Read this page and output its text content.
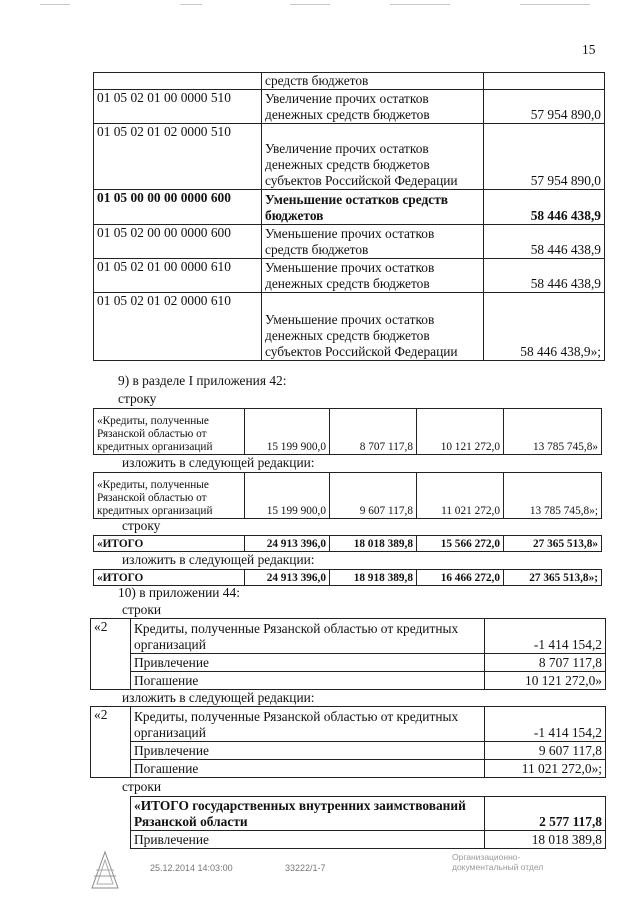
15
	средств бюджетов	
01 05 02 01 00 0000 510	Увеличение прочих остатков денежных средств бюджетов	57 954 890,0
01 05 02 01 02 0000 510	Увеличение прочих остатков денежных средств бюджетов субъектов Российской Федерации	57 954 890,0
01 05 00 00 00 0000 600	Уменьшение остатков средств бюджетов	58 446 438,9
01 05 02 00 00 0000 600	Уменьшение прочих остатков средств бюджетов	58 446 438,9
01 05 02 01 00 0000 610	Уменьшение прочих остатков денежных средств бюджетов	58 446 438,9
01 05 02 01 02 0000 610	Уменьшение прочих остатков денежных средств бюджетов субъектов Российской Федерации	58 446 438,9»;
9) в разделе I приложения 42:
строку
«Кредиты, полученные Рязанской областью от кредитных организаций	15 199 900,0	8 707 117,8	10 121 272,0	13 785 745,8»
изложить в следующей редакции:
«Кредиты, полученные Рязанской областью от кредитных организаций	15 199 900,0	9 607 117,8	11 021 272,0	13 785 745,8»;
строку
«ИТОГО	24 913 396,0	18 018 389,8	15 566 272,0	27 365 513,8»
изложить в следующей редакции:
«ИТОГО	24 913 396,0	18 918 389,8	16 466 272,0	27 365 513,8»;
10) в приложении 44:
строки
«2	Кредиты, полученные Рязанской областью от кредитных организаций	-1 414 154,2
	Привлечение	8 707 117,8
	Погашение	10 121 272,0»
изложить в следующей редакции:
«2	Кредиты, полученные Рязанской областью от кредитных организаций	-1 414 154,2
	Привлечение	9 607 117,8
	Погашение	11 021 272,0»;
строки
«ИТОГО государственных внутренних заимствований Рязанской области	2 577 117,8
Привлечение	18 018 389,8
25.12.2014 14:03:00	33222/1-7
Организационно-документальный отдел
